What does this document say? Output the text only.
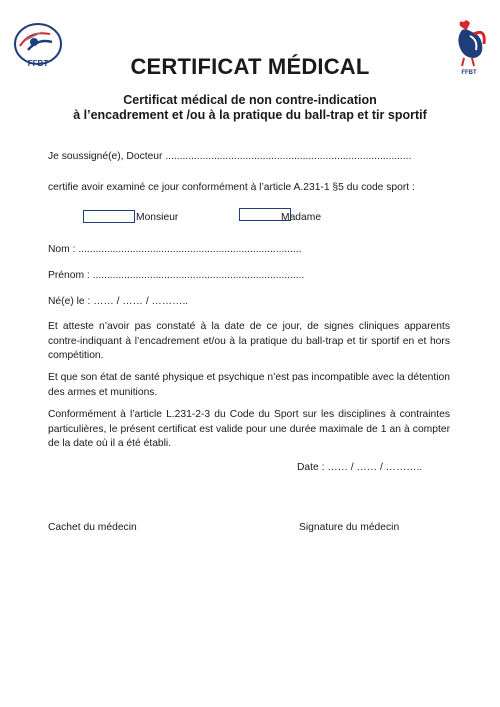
FFBT
FFBT
CERTIFICAT MÉDICAL
Certificat médical de non contre-indication
à l’encadrement et /ou à la pratique du ball-trap et tir sportif
Je soussigné(e), Docteur ......................................................................................
certifie avoir examiné ce jour conformément à l’article A.231-1 §5 du code sport :
Monsieur	Madame
Nom : ..............................................................................
Prénom : ..........................................................................
Né(e) le : …… / …… / ………..
Et atteste n’avoir pas constaté à la date de ce jour, de signes cliniques apparents contre-indiquant à l’encadrement et/ou à la pratique du ball-trap et tir sportif en et hors compétition.
Et que son état de santé physique et psychique n’est pas incompatible avec la détention des armes et munitions.
Conformément à l’article L.231-2-3 du Code du Sport sur les disciplines à contraintes particulières, le présent certificat est valide pour une durée maximale de 1 an à compter de la date où il a été établi.
Date : …… / …… / ………..
Cachet du médecin	Signature du médecin
